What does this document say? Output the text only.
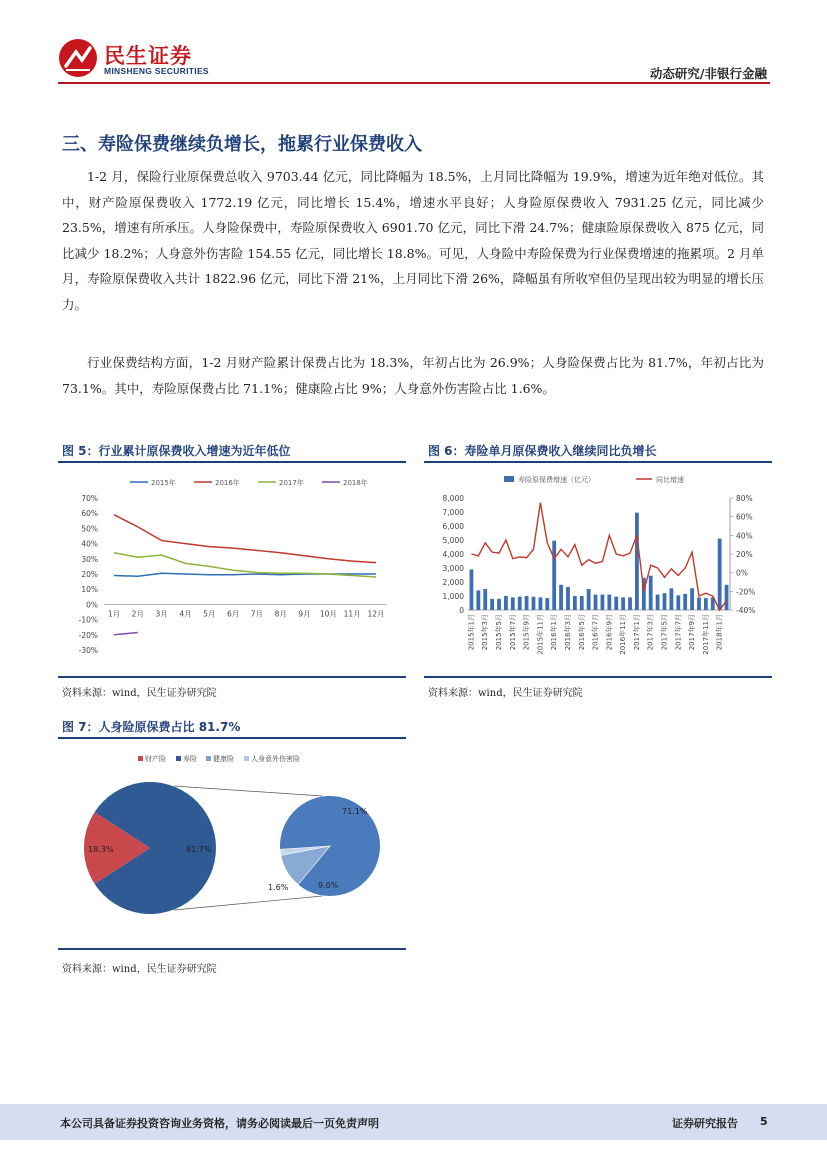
民生证券
MINSHENG SECURITIES	动态研究/非银行金融
三、寿险保费继续负增长，拖累行业保费收入
1-2 月，保险行业原保费总收入 9703.44 亿元，同比降幅为 18.5%，上月同比降幅为 19.9%，增速为近年绝对低位。其中，财产险原保费收入 1772.19 亿元，同比增长 15.4%，增速水平良好；人身险原保费收入 7931.25 亿元，同比减少 23.5%，增速有所承压。人身险保费中，寿险原保费收入 6901.70 亿元，同比下滑 24.7%；健康险原保费收入 875 亿元，同比减少 18.2%；人身意外伤害险 154.55 亿元，同比增长 18.8%。可见，人身险中寿险保费为行业保费增速的拖累项。2 月单月，寿险原保费收入共计 1822.96 亿元，同比下滑 21%，上月同比下滑 26%，降幅虽有所收窄但仍呈现出较为明显的增长压力。
行业保费结构方面，1-2 月财产险累计保费占比为 18.3%，年初占比为 26.9%；人身险保费占比为 81.7%，年初占比为 73.1%。其中，寿险原保费占比 71.1%；健康险占比 9%；人身意外伤害险占比 1.6%。
图 5：行业累计原保费收入增速为近年低位
2015年	2016年	2017年	2018年
70%
60%
50%
40%
30%
20%
10%
0%
-10%
-20%
-30%
1月 2月 3月 4月 5月 6月 7月 8月 9月 10月 11月 12月
资料来源：wind，民生证券研究院
图 6：寿险单月原保费收入继续同比负增长
寿险原保费增速（亿元）	同比增速
8,000
7,000
6,000
5,000
4,000
3,000
2,000
1,000
0
80%
60%
40%
20%
0%
-20%
-40%
2015年1月 2015年3月 2015年5月 2015年7月 2015年9月 2015年11月 2016年1月 2016年3月 2016年5月 2016年7月 2016年9月 2016年11月 2017年1月 2017年3月 2017年5月 2017年7月 2017年9月 2017年11月 2018年1月
资料来源：wind，民生证券研究院
图 7：人身险原保费占比 81.7%
财产险 寿险 健康险 人身意外伤害险
18.3%	81.7%
71.1%
9.0%
1.6%
资料来源：wind，民生证券研究院
本公司具备证券投资咨询业务资格，请务必阅读最后一页免责声明	证券研究报告 5
